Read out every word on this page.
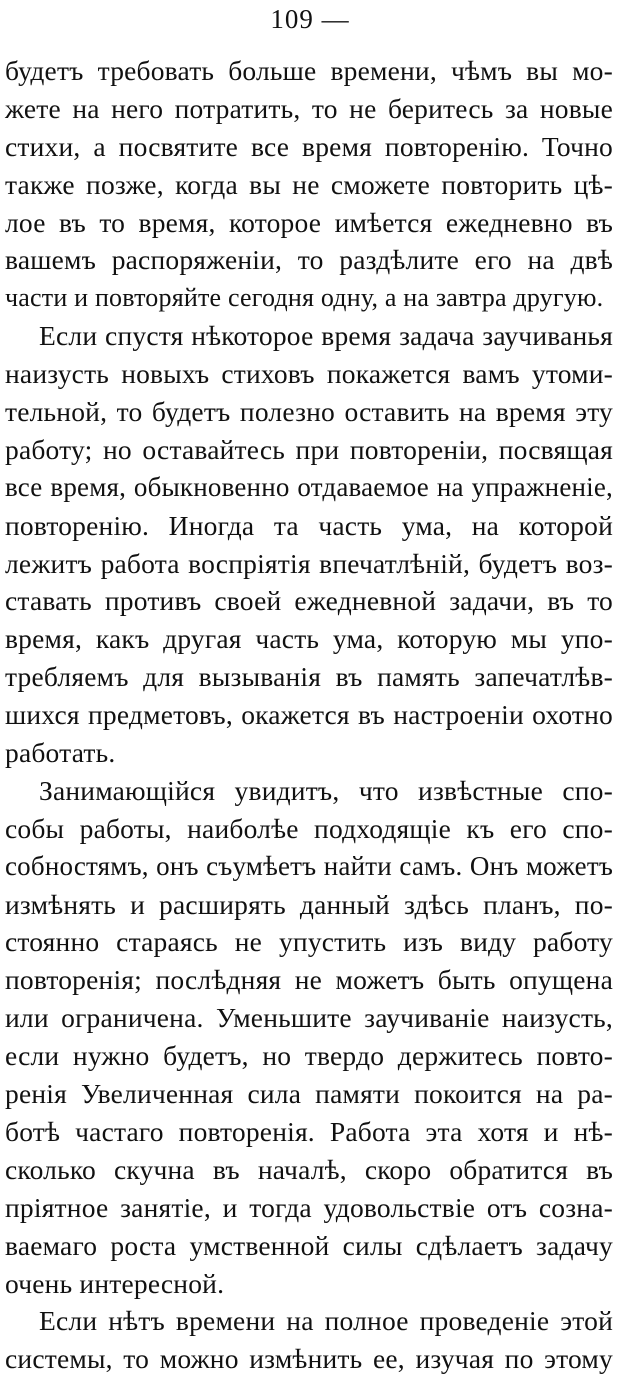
109 —
будетъ требовать больше времени, чѣмъ вы мо-
жете на него потратить, то не беритесь за новые
стихи, а посвятите все время повторенію. Точно
также позже, когда вы не сможете повторить цѣ-
лое въ то время, которое имѣется ежедневно въ
вашемъ распоряженіи, то раздѣлите его на двѣ
части и повторяйте сегодня одну, а на завтра другую.
Если спустя нѣкоторое время задача заучиванья
наизусть новыхъ стиховъ покажется вамъ утоми-
тельной, то будетъ полезно оставить на время эту
работу; но оставайтесь при повтореніи, посвящая
все время, обыкновенно отдаваемое на упражненіе,
повторенію. Иногда та часть ума, на которой
лежитъ работа воспріятія впечатлѣній, будетъ воз-
ставать противъ своей ежедневной задачи, въ то
время, какъ другая часть ума, которую мы упо-
требляемъ для вызыванія въ память запечатлѣв-
шихся предметовъ, окажется въ настроеніи охотно
работать.
Занимающійся увидитъ, что извѣстные спо-
собы работы, наиболѣе подходящіе къ его спо-
собностямъ, онъ съумѣетъ найти самъ. Онъ можетъ
измѣнять и расширять данный здѣсь планъ, по-
стоянно стараясь не упустить изъ виду работу
повторенія; послѣдняя не можетъ быть опущена
или ограничена. Уменьшите заучиваніе наизусть,
если нужно будетъ, но твердо держитесь повто-
ренія Увеличенная сила памяти покоится на ра-
ботѣ частаго повторенія. Работа эта хотя и нѣ-
сколько скучна въ началѣ, скоро обратится въ
пріятное занятіе, и тогда удовольствіе отъ созна-
ваемаго роста умственной силы сдѣлаетъ задачу
очень интересной.
Если нѣтъ времени на полное проведеніе этой
системы, то можно измѣнить ее, изучая по этому
